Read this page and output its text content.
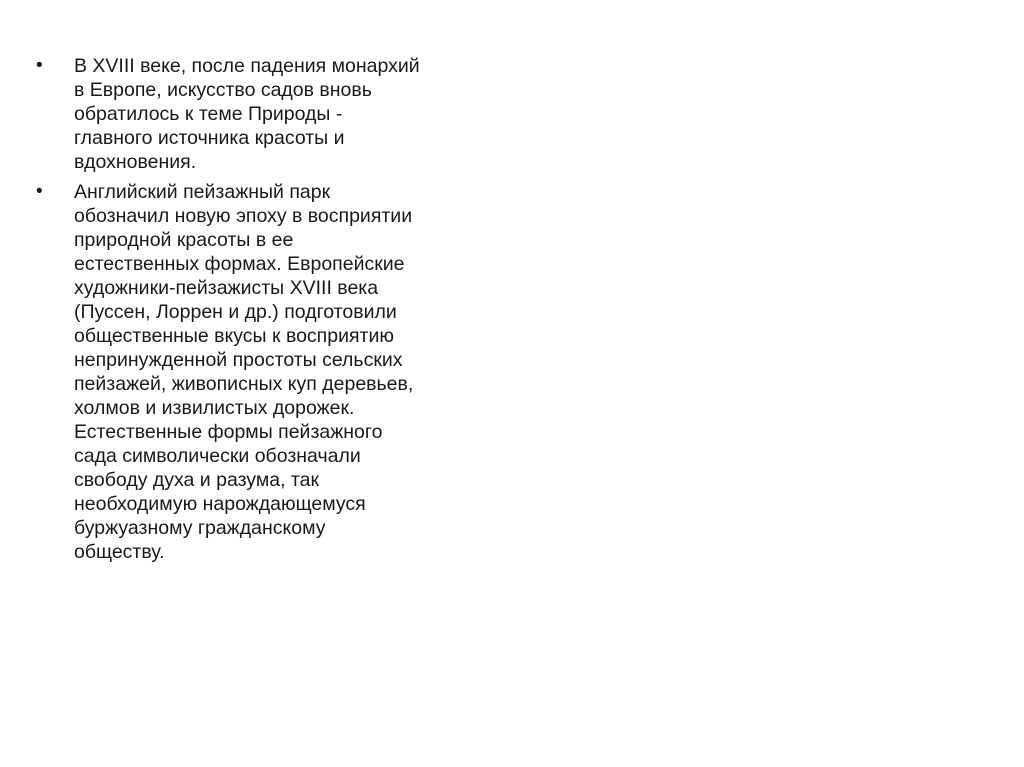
• В XVIII веке, после падения монархий
в Европе, искусство садов вновь
обратилось к теме Природы -
главного источника красоты и
вдохновения.
• Английский пейзажный парк
обозначил новую эпоху в восприятии
природной красоты в ее
естественных формах. Европейские
художники-пейзажисты XVIII века
(Пуссен, Лоррен и др.) подготовили
общественные вкусы к восприятию
непринужденной простоты сельских
пейзажей, живописных куп деревьев,
холмов и извилистых дорожек.
Естественные формы пейзажного
сада символически обозначали
свободу духа и разума, так
необходимую нарождающемуся
буржуазному гражданскому
обществу.
